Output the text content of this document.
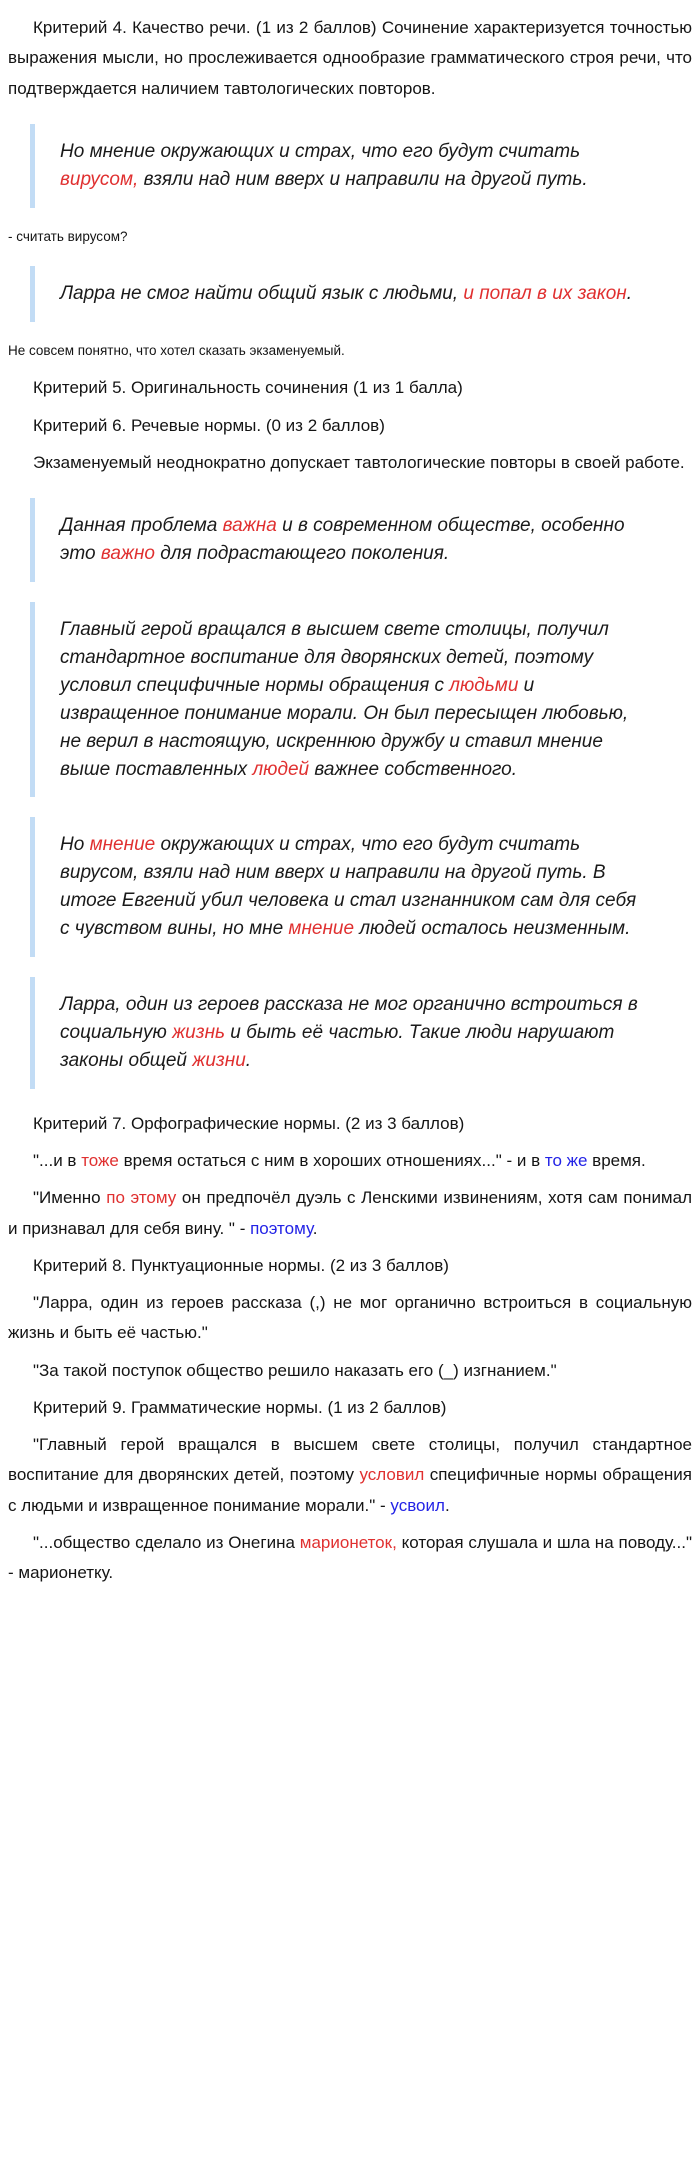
Критерий 4. Качество речи. (1 из 2 баллов) Сочинение характеризуется точностью выражения мысли, но прослеживается однообразие грамматического строя речи, что подтверждается наличием тавтологических повторов.

Но мнение окружающих и страх, что его будут считать вирусом, взяли над ним вверх и направили на другой путь.
- считать вирусом?
Ларра не смог найти общий язык с людьми, и попал в их закон.
Не совсем понятно, что хотел сказать экзаменуемый.

Критерий 5. Оригинальность сочинения (1 из 1 балла)

Критерий 6. Речевые нормы. (0 из 2 баллов)

Экзаменуемый неоднократно допускает тавтологические повторы в своей работе.

Данная проблема важна и в современном обществе, особенно это важно для подрастающего поколения.
Главный герой вращался в высшем свете столицы, получил стандартное воспитание для дворянских детей, поэтому условил специфичные нормы обращения с людьми и извращенное понимание морали. Он был пересыщен любовью, не верил в настоящую, искреннюю дружбу и ставил мнение выше поставленных людей важнее собственного.
Но мнение окружающих и страх, что его будут считать вирусом, взяли над ним вверх и направили на другой путь. В итоге Евгений убил человека и стал изгнанником сам для себя с чувством вины, но мне мнение людей осталось неизменным.
Ларра, один из героев рассказа не мог органично встроиться в социальную жизнь и быть её частью. Такие люди нарушают законы общей жизни.

Критерий 7. Орфографические нормы. (2 из 3 баллов)

"...и в тоже время остаться с ним в хороших отношениях..." - и в то же время.

"Именно по этому он предпочёл дуэль с Ленскими извинениям, хотя сам понимал и признавал для себя вину. " - поэтому.

Критерий 8. Пунктуационные нормы. (2 из 3 баллов)

"Ларра, один из героев рассказа (,) не мог органично встроиться в социальную жизнь и быть её частью."

"За такой поступок общество решило наказать его (_) изгнанием."

Критерий 9. Грамматические нормы. (1 из 2 баллов)

"Главный герой вращался в высшем свете столицы, получил стандартное воспитание для дворянских детей, поэтому условил специфичные нормы обращения с людьми и извращенное понимание морали." - усвоил.

"...общество сделало из Онегина марионеток, которая слушала и шла на поводу..." - марионетку.
